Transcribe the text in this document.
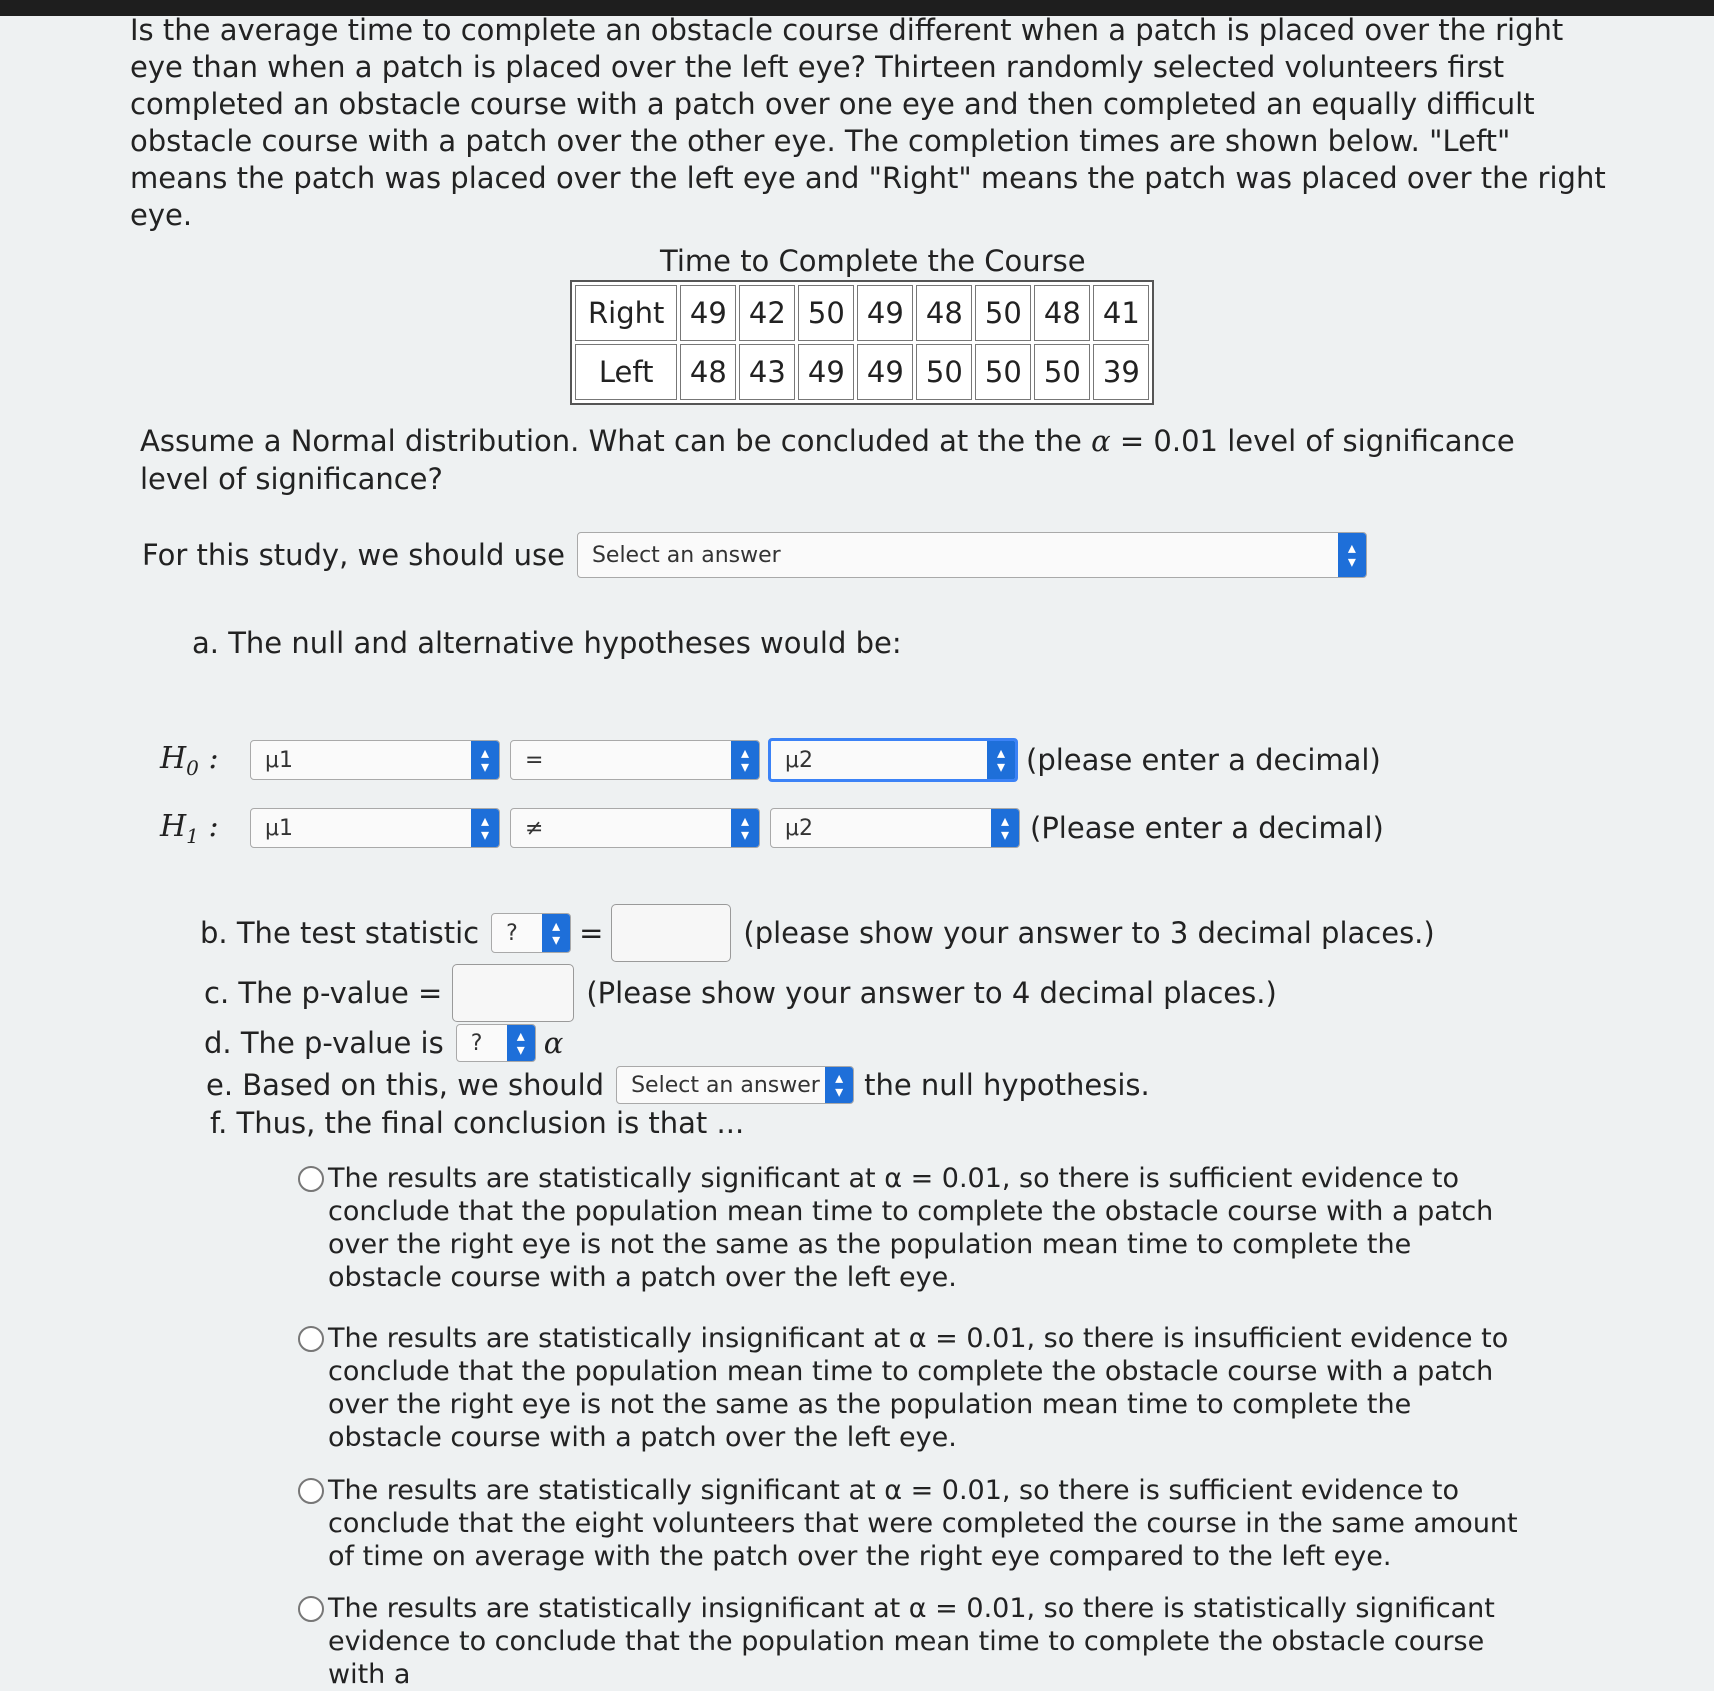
Is the average time to complete an obstacle course different when a patch is placed over the right eye than when a patch is placed over the left eye? Thirteen randomly selected volunteers first completed an obstacle course with a patch over one eye and then completed an equally difficult obstacle course with a patch over the other eye. The completion times are shown below. "Left" means the patch was placed over the left eye and "Right" means the patch was placed over the right eye.

Time to Complete the Course
Right	49	42	50	49	48	50	48	41
Left	48	43	49	49	50	50	50	39

Assume a Normal distribution. What can be concluded at the the α = 0.01 level of significance level of significance?

For this study, we should use Select an answer	▴
▾
a. The null and alternative hypotheses would be:
$H_0$ :	μ1	▴
▾	=	▴
▾	μ2	▴
▾ (please enter a decimal)
$H_1$ :	μ1	▴
▾	≠	▴
▾	μ2	▴
▾ (Please enter a decimal)
b. The test statistic ?	▴
▾ =	(please show your answer to 3 decimal places.)
c. The p-value =	(Please show your answer to 4 decimal places.)
d. The p-value is ?	▴
▾ α
e. Based on this, we should Select an answer ▴
▾ the null hypothesis.
f. Thus, the final conclusion is that ...
The results are statistically significant at α = 0.01, so there is sufficient evidence to conclude that the population mean time to complete the obstacle course with a patch over the right eye is not the same as the population mean time to complete the obstacle course with a patch over the left eye.
The results are statistically insignificant at α = 0.01, so there is insufficient evidence to conclude that the population mean time to complete the obstacle course with a patch over the right eye is not the same as the population mean time to complete the obstacle course with a patch over the left eye.
The results are statistically significant at α = 0.01, so there is sufficient evidence to conclude that the eight volunteers that were completed the course in the same amount of time on average with the patch over the right eye compared to the left eye.
The results are statistically insignificant at α = 0.01, so there is statistically significant evidence to conclude that the population mean time to complete the obstacle course with a
